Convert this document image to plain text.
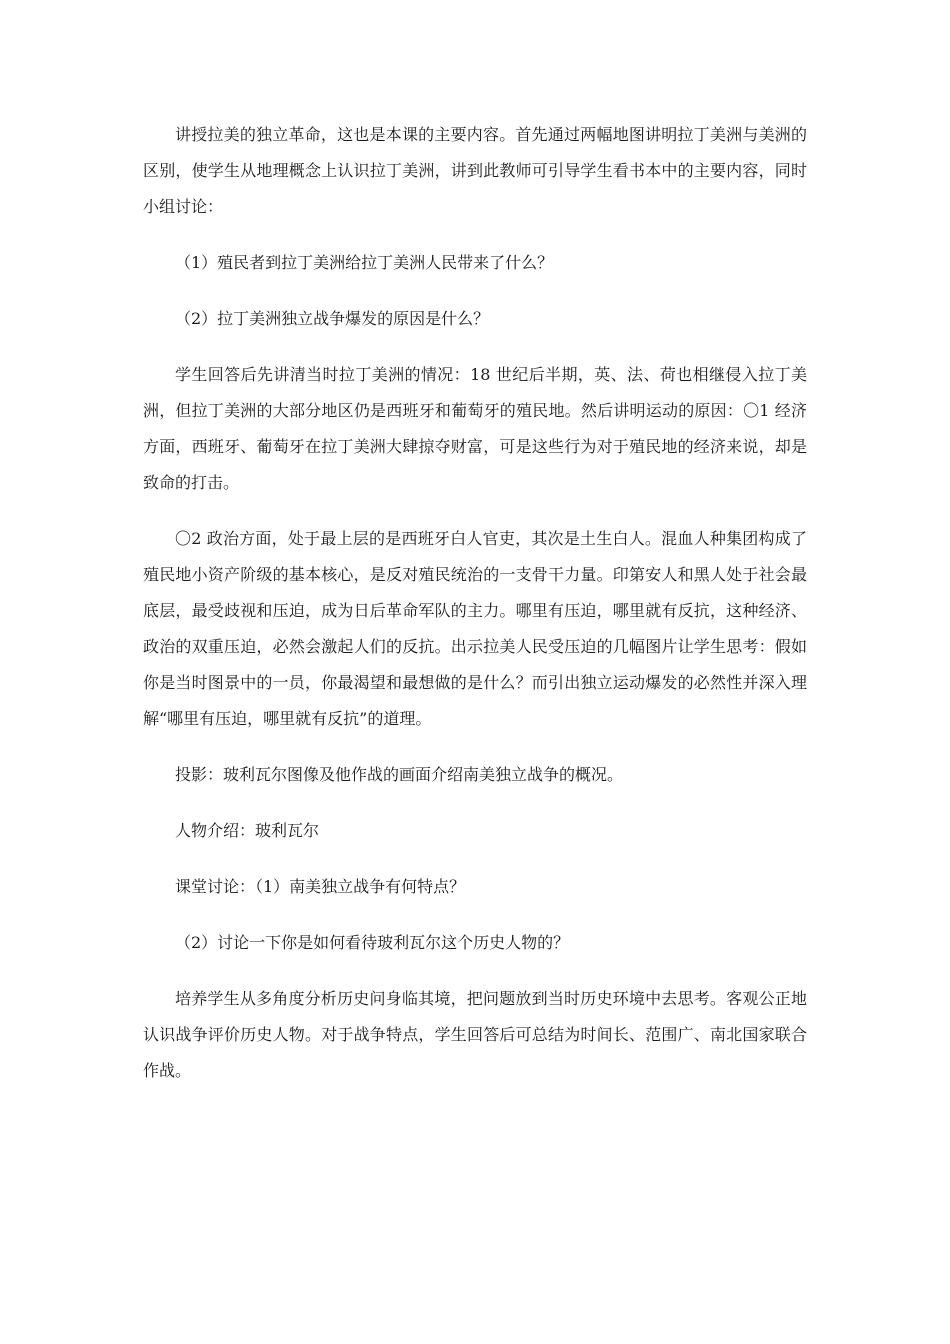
讲授拉美的独立革命，这也是本课的主要内容。首先通过两幅地图讲明拉丁美洲与美洲的区别，使学生从地理概念上认识拉丁美洲，讲到此教师可引导学生看书本中的主要内容，同时小组讨论：

（1）殖民者到拉丁美洲给拉丁美洲人民带来了什么？

（2）拉丁美洲独立战争爆发的原因是什么？

学生回答后先讲清当时拉丁美洲的情况：18 世纪后半期，英、法、荷也相继侵入拉丁美洲，但拉丁美洲的大部分地区仍是西班牙和葡萄牙的殖民地。然后讲明运动的原因：〇1 经济方面，西班牙、葡萄牙在拉丁美洲大肆掠夺财富，可是这些行为对于殖民地的经济来说，却是致命的打击。

〇2 政治方面，处于最上层的是西班牙白人官吏，其次是土生白人。混血人种集团构成了殖民地小资产阶级的基本核心，是反对殖民统治的一支骨干力量。印第安人和黑人处于社会最底层，最受歧视和压迫，成为日后革命军队的主力。哪里有压迫，哪里就有反抗，这种经济、政治的双重压迫，必然会激起人们的反抗。出示拉美人民受压迫的几幅图片让学生思考：假如你是当时图景中的一员，你最渴望和最想做的是什么？而引出独立运动爆发的必然性并深入理解“哪里有压迫，哪里就有反抗”的道理。

投影：玻利瓦尔图像及他作战的画面介绍南美独立战争的概况。

人物介绍：玻利瓦尔

课堂讨论：（1）南美独立战争有何特点？

（2）讨论一下你是如何看待玻利瓦尔这个历史人物的？

培养学生从多角度分析历史问身临其境，把问题放到当时历史环境中去思考。客观公正地认识战争评价历史人物。对于战争特点，学生回答后可总结为时间长、范围广、南北国家联合作战。
